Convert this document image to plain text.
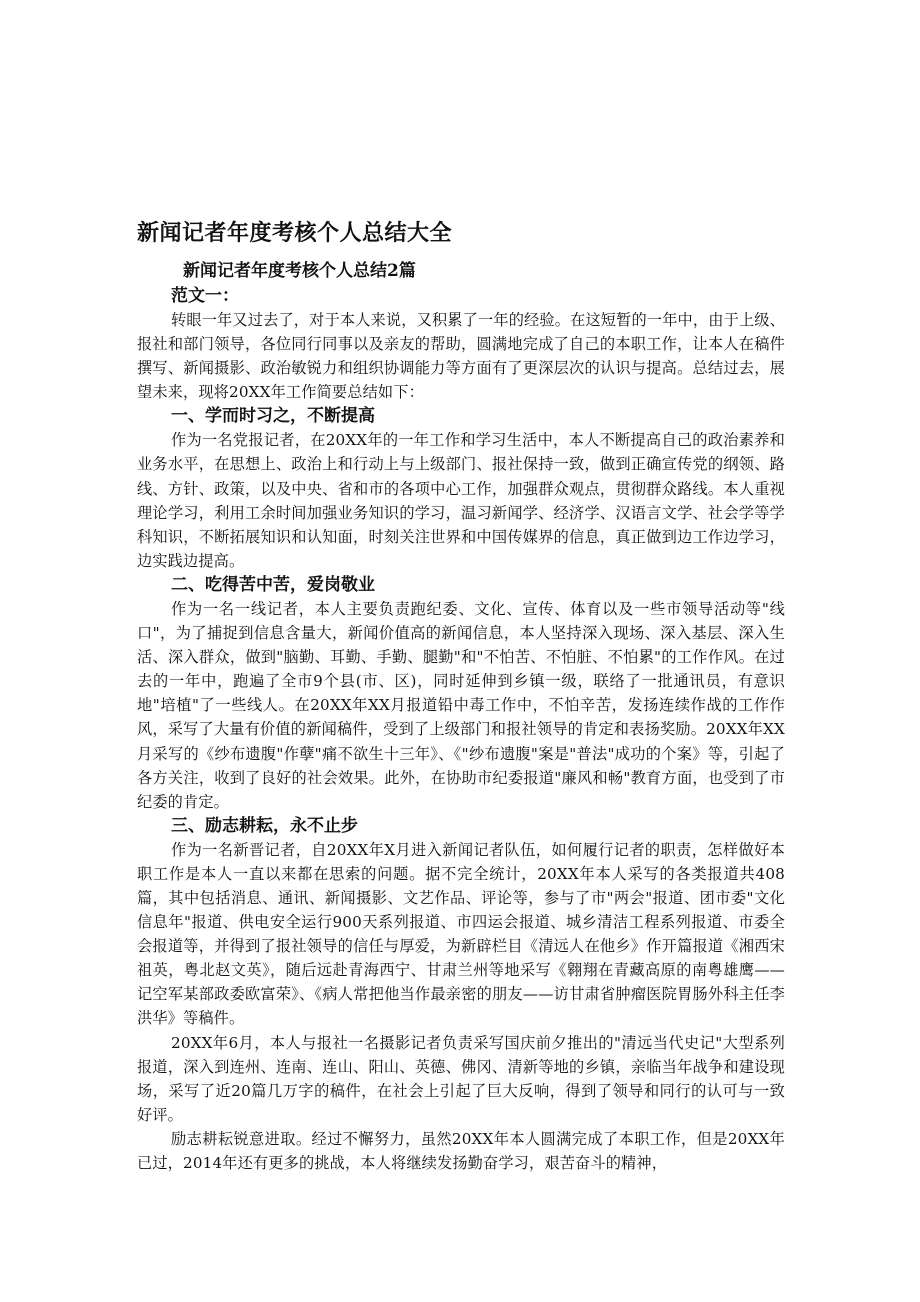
新闻记者年度考核个人总结大全

新闻记者年度考核个人总结2篇

范文一：

转眼一年又过去了，对于本人来说，又积累了一年的经验。在这短暂的一年中，由于上级、报社和部门领导，各位同行同事以及亲友的帮助，圆满地完成了自己的本职工作，让本人在稿件撰写、新闻摄影、政治敏锐力和组织协调能力等方面有了更深层次的认识与提高。总结过去，展望未来，现将20XX年工作简要总结如下：

一、学而时习之，不断提高

作为一名党报记者，在20XX年的一年工作和学习生活中，本人不断提高自己的政治素养和业务水平，在思想上、政治上和行动上与上级部门、报社保持一致，做到正确宣传党的纲领、路线、方针、政策，以及中央、省和市的各项中心工作，加强群众观点，贯彻群众路线。本人重视理论学习，利用工余时间加强业务知识的学习，温习新闻学、经济学、汉语言文学、社会学等学科知识，不断拓展知识和认知面，时刻关注世界和中国传媒界的信息，真正做到边工作边学习，边实践边提高。

二、吃得苦中苦，爱岗敬业

作为一名一线记者，本人主要负责跑纪委、文化、宣传、体育以及一些市领导活动等"线口"，为了捕捉到信息含量大，新闻价值高的新闻信息，本人坚持深入现场、深入基层、深入生活、深入群众，做到"脑勤、耳勤、手勤、腿勤"和"不怕苦、不怕脏、不怕累"的工作作风。在过去的一年中，跑遍了全市9个县(市、区)，同时延伸到乡镇一级，联络了一批通讯员，有意识地"培植"了一些线人。在20XX年XX月报道铅中毒工作中，不怕辛苦，发扬连续作战的工作作风，采写了大量有价值的新闻稿件，受到了上级部门和报社领导的肯定和表扬奖励。20XX年XX月采写的《纱布遗腹"作孽"痛不欲生十三年》、《"纱布遗腹"案是"普法"成功的个案》等，引起了各方关注，收到了良好的社会效果。此外，在协助市纪委报道"廉风和畅"教育方面，也受到了市纪委的肯定。

三、励志耕耘，永不止步

作为一名新晋记者，自20XX年X月进入新闻记者队伍，如何履行记者的职责，怎样做好本职工作是本人一直以来都在思索的问题。据不完全统计，20XX年本人采写的各类报道共408篇，其中包括消息、通讯、新闻摄影、文艺作品、评论等，参与了市"两会"报道、团市委"文化信息年"报道、供电安全运行900天系列报道、市四运会报道、城乡清洁工程系列报道、市委全会报道等，并得到了报社领导的信任与厚爱，为新辟栏目《清远人在他乡》作开篇报道《湘西宋祖英，粤北赵文英》，随后远赴青海西宁、甘肃兰州等地采写《翱翔在青藏高原的南粤雄鹰——记空军某部政委欧富荣》、《病人常把他当作最亲密的朋友——访甘肃省肿瘤医院胃肠外科主任李洪华》等稿件。

20XX年6月，本人与报社一名摄影记者负责采写国庆前夕推出的"清远当代史记"大型系列报道，深入到连州、连南、连山、阳山、英德、佛冈、清新等地的乡镇，亲临当年战争和建设现场，采写了近20篇几万字的稿件，在社会上引起了巨大反响，得到了领导和同行的认可与一致好评。

励志耕耘锐意进取。经过不懈努力，虽然20XX年本人圆满完成了本职工作，但是20XX年已过，2014年还有更多的挑战，本人将继续发扬勤奋学习，艰苦奋斗的精神，
